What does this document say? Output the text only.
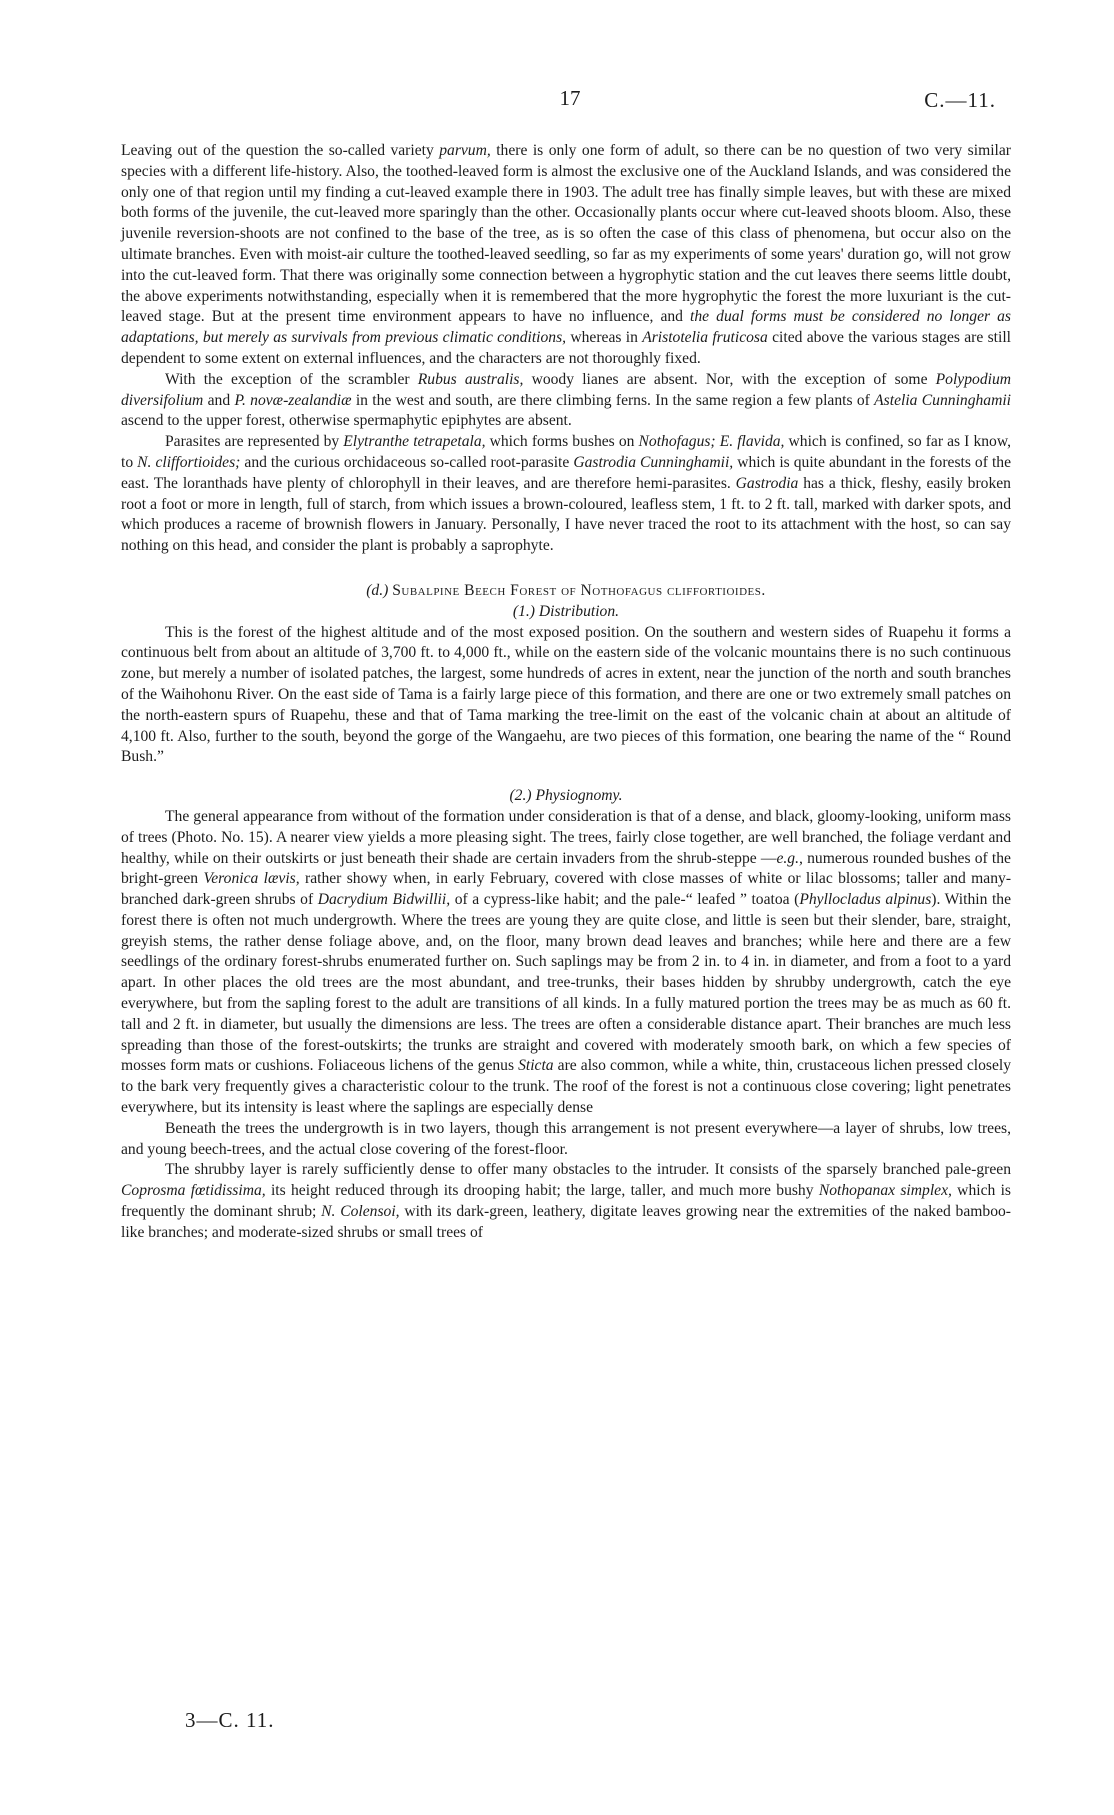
17	C.—11.

Leaving out of the question the so-called variety parvum, there is only one form of adult, so there can be no question of two very similar species with a different life-history. Also, the toothed-leaved form is almost the exclusive one of the Auckland Islands, and was considered the only one of that region until my finding a cut-leaved example there in 1903. The adult tree has finally simple leaves, but with these are mixed both forms of the juvenile, the cut-leaved more sparingly than the other. Occasionally plants occur where cut-leaved shoots bloom. Also, these juvenile reversion-shoots are not confined to the base of the tree, as is so often the case of this class of phenomena, but occur also on the ultimate branches. Even with moist-air culture the toothed-leaved seedling, so far as my experiments of some years' duration go, will not grow into the cut-leaved form. That there was originally some connection between a hygrophytic station and the cut leaves there seems little doubt, the above experiments notwithstanding, especially when it is remembered that the more hygrophytic the forest the more luxuriant is the cut-leaved stage. But at the present time environment appears to have no influence, and the dual forms must be considered no longer as adaptations, but merely as survivals from previous climatic conditions, whereas in Aristotelia fruticosa cited above the various stages are still dependent to some extent on external influences, and the characters are not thoroughly fixed.

With the exception of the scrambler Rubus australis, woody lianes are absent. Nor, with the exception of some Polypodium diversifolium and P. novæ-zealandiæ in the west and south, are there climbing ferns. In the same region a few plants of Astelia Cunninghamii ascend to the upper forest, otherwise spermaphytic epiphytes are absent.

Parasites are represented by Elytranthe tetrapetala, which forms bushes on Nothofagus; E. flavida, which is confined, so far as I know, to N. cliffortioides; and the curious orchidaceous so-called root-parasite Gastrodia Cunninghamii, which is quite abundant in the forests of the east. The loranthads have plenty of chlorophyll in their leaves, and are therefore hemi-parasites. Gastrodia has a thick, fleshy, easily broken root a foot or more in length, full of starch, from which issues a brown-coloured, leafless stem, 1 ft. to 2 ft. tall, marked with darker spots, and which produces a raceme of brownish flowers in January. Personally, I have never traced the root to its attachment with the host, so can say nothing on this head, and consider the plant is probably a saprophyte.

(d.) Subalpine Beech Forest of Nothofagus cliffortioides.
(1.) Distribution.

This is the forest of the highest altitude and of the most exposed position. On the southern and western sides of Ruapehu it forms a continuous belt from about an altitude of 3,700 ft. to 4,000 ft., while on the eastern side of the volcanic mountains there is no such continuous zone, but merely a number of isolated patches, the largest, some hundreds of acres in extent, near the junction of the north and south branches of the Waihohonu River. On the east side of Tama is a fairly large piece of this formation, and there are one or two extremely small patches on the north-eastern spurs of Ruapehu, these and that of Tama marking the tree-limit on the east of the volcanic chain at about an altitude of 4,100 ft. Also, further to the south, beyond the gorge of the Wangaehu, are two pieces of this formation, one bearing the name of the “ Round Bush.”

(2.) Physiognomy.

The general appearance from without of the formation under consideration is that of a dense, and black, gloomy-looking, uniform mass of trees (Photo. No. 15). A nearer view yields a more pleasing sight. The trees, fairly close together, are well branched, the foliage verdant and healthy, while on their outskirts or just beneath their shade are certain invaders from the shrub-steppe —e.g., numerous rounded bushes of the bright-green Veronica lævis, rather showy when, in early February, covered with close masses of white or lilac blossoms; taller and many-branched dark-green shrubs of Dacrydium Bidwillii, of a cypress-like habit; and the pale-“ leafed ” toatoa (Phyllocladus alpinus). Within the forest there is often not much undergrowth. Where the trees are young they are quite close, and little is seen but their slender, bare, straight, greyish stems, the rather dense foliage above, and, on the floor, many brown dead leaves and branches; while here and there are a few seedlings of the ordinary forest-shrubs enumerated further on. Such saplings may be from 2 in. to 4 in. in diameter, and from a foot to a yard apart. In other places the old trees are the most abundant, and tree-trunks, their bases hidden by shrubby undergrowth, catch the eye everywhere, but from the sapling forest to the adult are transitions of all kinds. In a fully matured portion the trees may be as much as 60 ft. tall and 2 ft. in diameter, but usually the dimensions are less. The trees are often a considerable distance apart. Their branches are much less spreading than those of the forest-outskirts; the trunks are straight and covered with moderately smooth bark, on which a few species of mosses form mats or cushions. Foliaceous lichens of the genus Sticta are also common, while a white, thin, crustaceous lichen pressed closely to the bark very frequently gives a characteristic colour to the trunk. The roof of the forest is not a continuous close covering; light penetrates everywhere, but its intensity is least where the saplings are especially dense

Beneath the trees the undergrowth is in two layers, though this arrangement is not present everywhere—a layer of shrubs, low trees, and young beech-trees, and the actual close covering of the forest-floor.

The shrubby layer is rarely sufficiently dense to offer many obstacles to the intruder. It consists of the sparsely branched pale-green Coprosma fœtidissima, its height reduced through its drooping habit; the large, taller, and much more bushy Nothopanax simplex, which is frequently the dominant shrub; N. Colensoi, with its dark-green, leathery, digitate leaves growing near the extremities of the naked bamboo-like branches; and moderate-sized shrubs or small trees of

3—C. 11.
